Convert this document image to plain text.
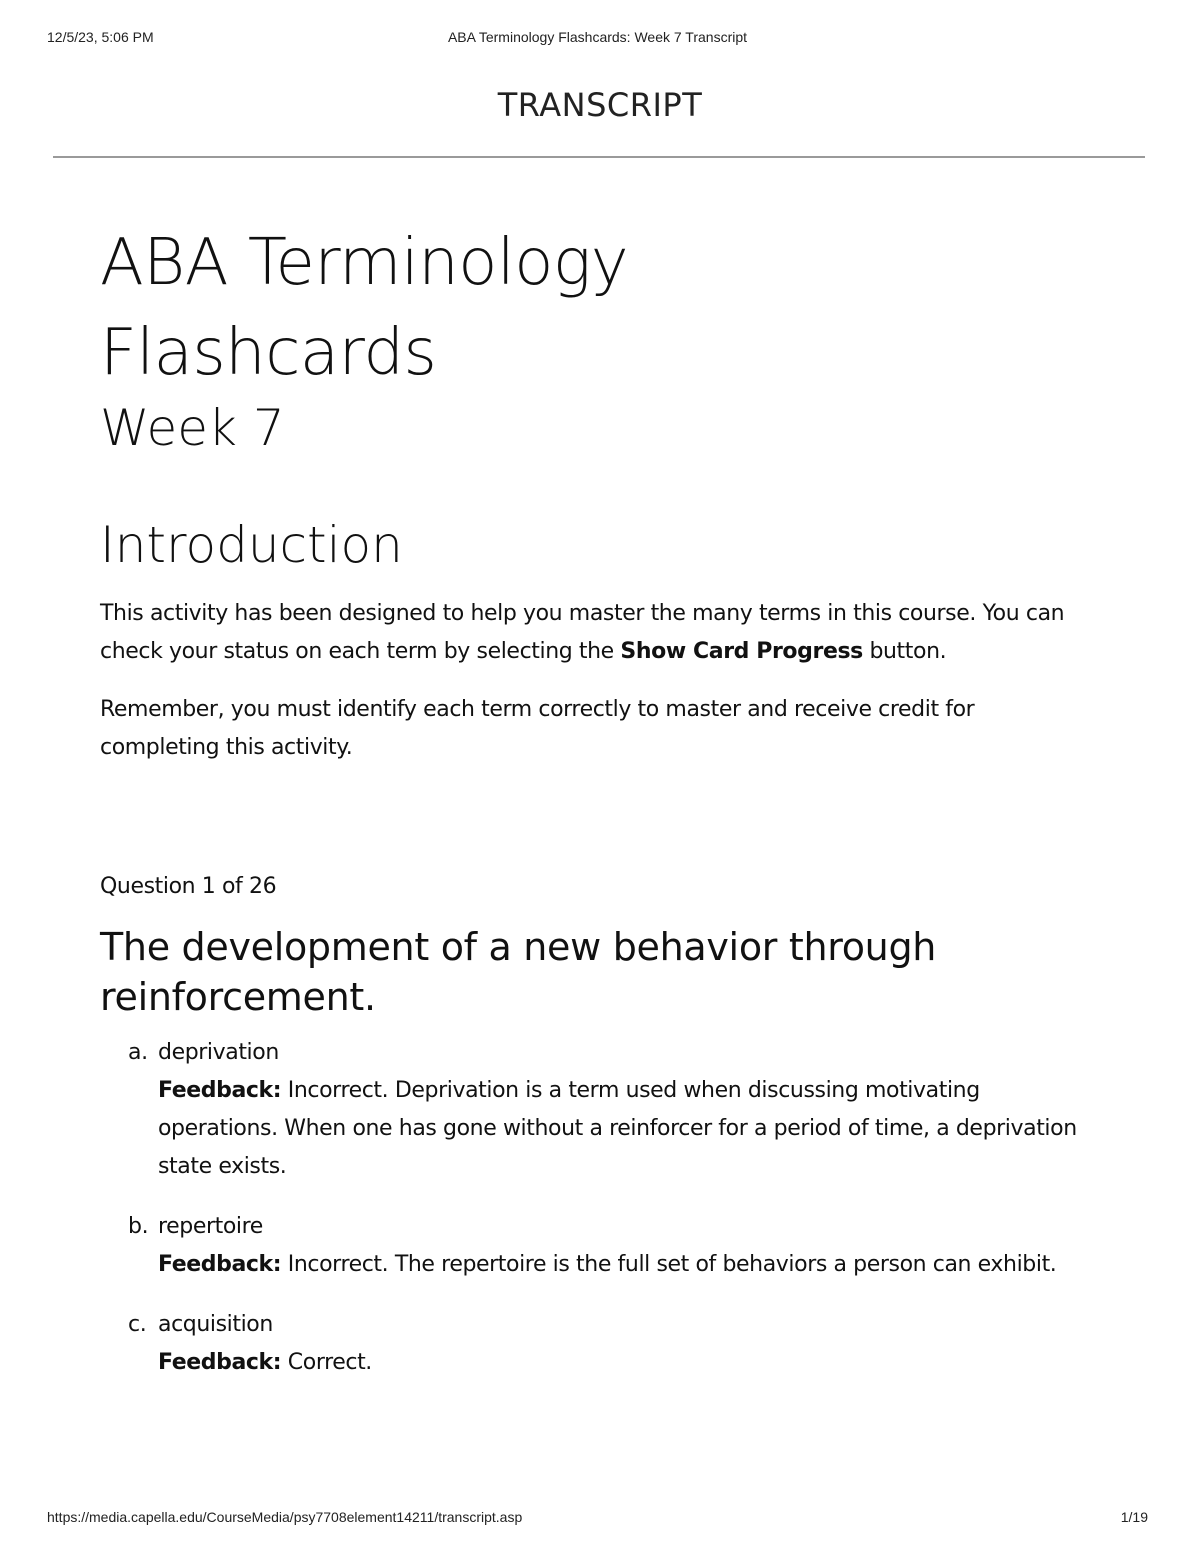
12/5/23, 5:06 PM	ABA Terminology Flashcards: Week 7 Transcript
TRANSCRIPT
ABA Terminology
Flashcards
Week 7
Introduction

This activity has been designed to help you master the many terms in this course. You can check your status on each term by selecting the Show Card Progress button.

Remember, you must identify each term correctly to master and receive credit for completing this activity.

Question 1 of 26
The development of a new behavior through reinforcement.
a. deprivation
Feedback: Incorrect. Deprivation is a term used when discussing motivating operations. When one has gone without a reinforcer for a period of time, a deprivation state exists.
b. repertoire
Feedback: Incorrect. The repertoire is the full set of behaviors a person can exhibit.
c. acquisition
Feedback: Correct.
https://media.capella.edu/CourseMedia/psy7708element14211/transcript.asp	1/19
